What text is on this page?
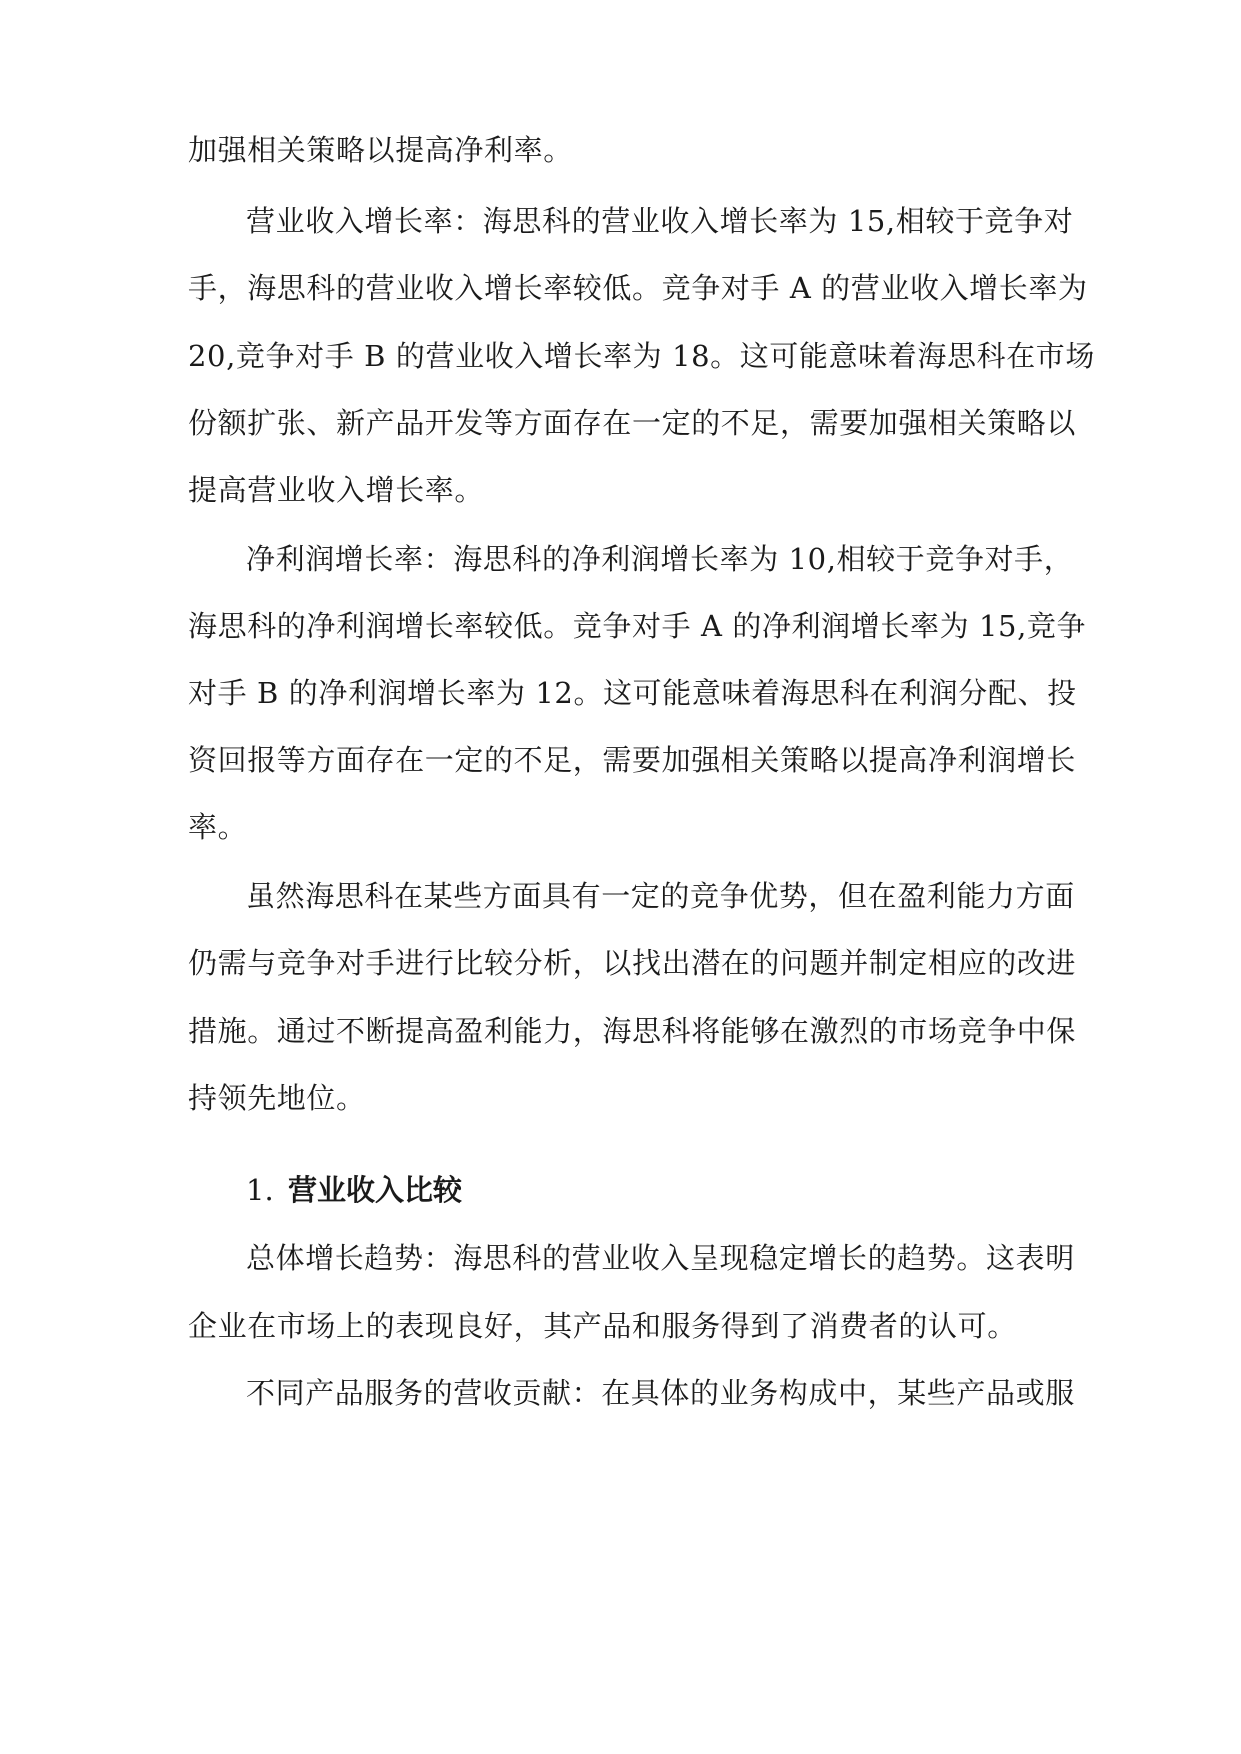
加强相关策略以提高净利率。
营业收入增长率：海思科的营业收入增长率为 15,相较于竞争对
手，海思科的营业收入增长率较低。竞争对手 A 的营业收入增长率为
20,竞争对手 B 的营业收入增长率为 18。这可能意味着海思科在市场
份额扩张、新产品开发等方面存在一定的不足，需要加强相关策略以
提高营业收入增长率。
净利润增长率：海思科的净利润增长率为 10,相较于竞争对手，
海思科的净利润增长率较低。竞争对手 A 的净利润增长率为 15,竞争
对手 B 的净利润增长率为 12。这可能意味着海思科在利润分配、投
资回报等方面存在一定的不足，需要加强相关策略以提高净利润增长
率。
虽然海思科在某些方面具有一定的竞争优势，但在盈利能力方面
仍需与竞争对手进行比较分析，以找出潜在的问题并制定相应的改进
措施。通过不断提高盈利能力，海思科将能够在激烈的市场竞争中保
持领先地位。
1. 营业收入比较
总体增长趋势：海思科的营业收入呈现稳定增长的趋势。这表明
企业在市场上的表现良好，其产品和服务得到了消费者的认可。
不同产品服务的营收贡献：在具体的业务构成中，某些产品或服
